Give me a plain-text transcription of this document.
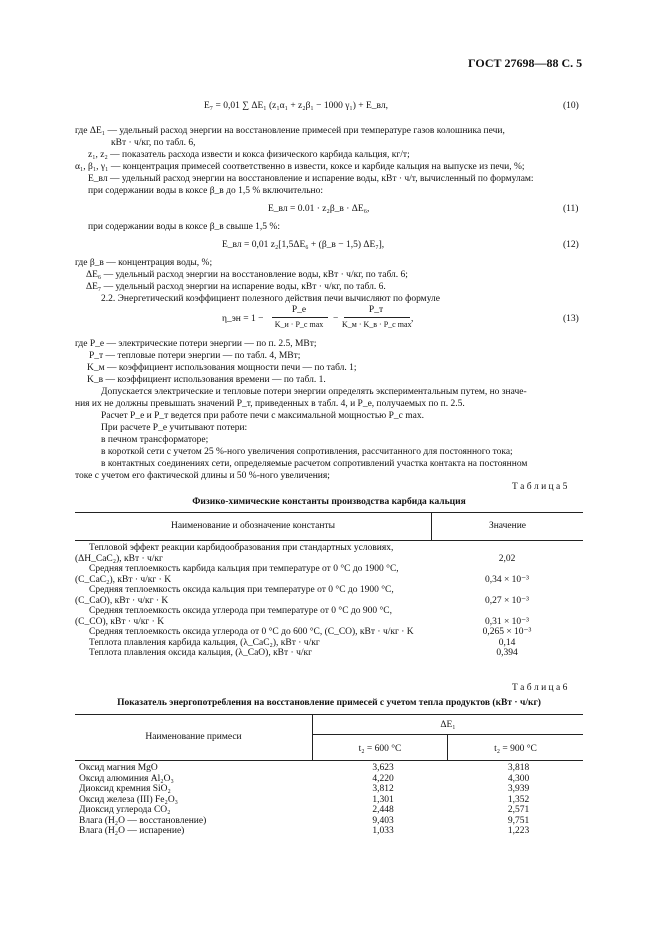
ГОСТ 27698—88 С. 5
E₇ = 0,01 ∑ ΔE₁ (z₁α₁ + z₂β₁ − 1000 γ₁) + E_вл,	(10)
где ΔE₁ — удельный расход энергии на восстановление примесей при температуре газов колошника печи,
кВт · ч/кг, по табл. 6,
z₁, z₂ — показатель расхода извести и кокса физического карбида кальция, кг/т;
α₁, β₁, γ₁ — концентрация примесей соответственно в извести, коксе и карбиде кальция на выпуске из печи, %;
E_вл — удельный расход энергии на восстановление и испарение воды, кВт · ч/т, вычисленный по формулам:
при содержании воды в коксе β_в до 1,5 % включительно:
E_вл = 0.01 · z₂β_в · ΔE₆,	(11)
при содержании воды в коксе β_в свыше 1,5 %:
E_вл = 0,01 z₂[1,5ΔE₆ + (β_в − 1,5) ΔE₇],	(12)
где β_в — концентрация воды, %;
ΔE₆ — удельный расход энергии на восстановление воды, кВт · ч/кг, по табл. 6;
ΔE₇ — удельный расход энергии на испарение воды, кВт · ч/кг, по табл. 6.
2.2. Энергетический коэффициент полезного действия печи вычисляют по формуле
η_эн = 1 −
P_e
K_и · P_с max
−
P_т
K_м · K_в · P_с max
,	(13)
где P_e — электрические потери энергии — по п. 2.5, МВт;
P_т — тепловые потери энергии — по табл. 4, МВт;
K_м — коэффициент использования мощности печи — по табл. 1;
K_в — коэффициент использования времени — по табл. 1.
Допускается электрические и тепловые потери энергии определять экспериментальным путем, но значе-
ния их не должны превышать значений P_т, приведенных в табл. 4, и P_e, получаемых по п. 2.5.
Расчет P_e и P_т ведется при работе печи с максимальной мощностью P_с max.
При расчете P_e учитывают потери:
в печном трансформаторе;
в короткой сети с учетом 25 %-ного увеличения сопротивления, рассчитанного для постоянного тока;
в контактных соединениях сети, определяемые расчетом сопротивлений участка контакта на постоянном
токе с учетом его фактической длины и 50 %-ного увеличения;
Т а б л и ц а 5
Физико-химические константы производства карбида кальция
Наименование и обозначение константы	Значение
Тепловой эффект реакции карбидообразования при стандартных условиях,
(ΔH_CaC₂), кВт · ч/кг	2,02

Средняя теплоемкость карбида кальция при температуре от 0 °С до 1900 °С,
(C_CaC₂), кВт · ч/кг · K	0,34 × 10⁻³

Средняя теплоемкость оксида кальция при температуре от 0 °С до 1900 °С,
(C_CaO), кВт · ч/кг · K	0,27 × 10⁻³

Средняя теплоемкость оксида углерода при температуре от 0 °С до 900 °С,
(C_CO), кВт · ч/кг · K	0,31 × 10⁻³

Средняя теплоемкость оксида углерода от 0 °С до 600 °С, (C_CO), кВт · ч/кг · K	0,265 × 10⁻³

Теплота плавления карбида кальция, (λ_CaC₂), кВт · ч/кг	0,14

Теплота плавления оксида кальция, (λ_CaO), кВт · ч/кг	0,394
Т а б л и ц а 6
Показатель энергопотребления на восстановление примесей с учетом тепла продуктов (кВт · ч/кг)
Наименование примеси
ΔE₁
t₂ = 600 °С	t₂ = 900 °С
Оксид магния MgO	3,623	3,818
Оксид алюминия Al₂O₃	4,220	4,300
Диоксид кремния SiO₂	3,812	3,939
Оксид железа (III) Fe₂O₃	1,301	1,352
Диоксид углерода CO₂	2,448	2,571
Влага (H₂O — восстановление)	9,403	9,751
Влага (H₂O — испарение)	1,033	1,223
